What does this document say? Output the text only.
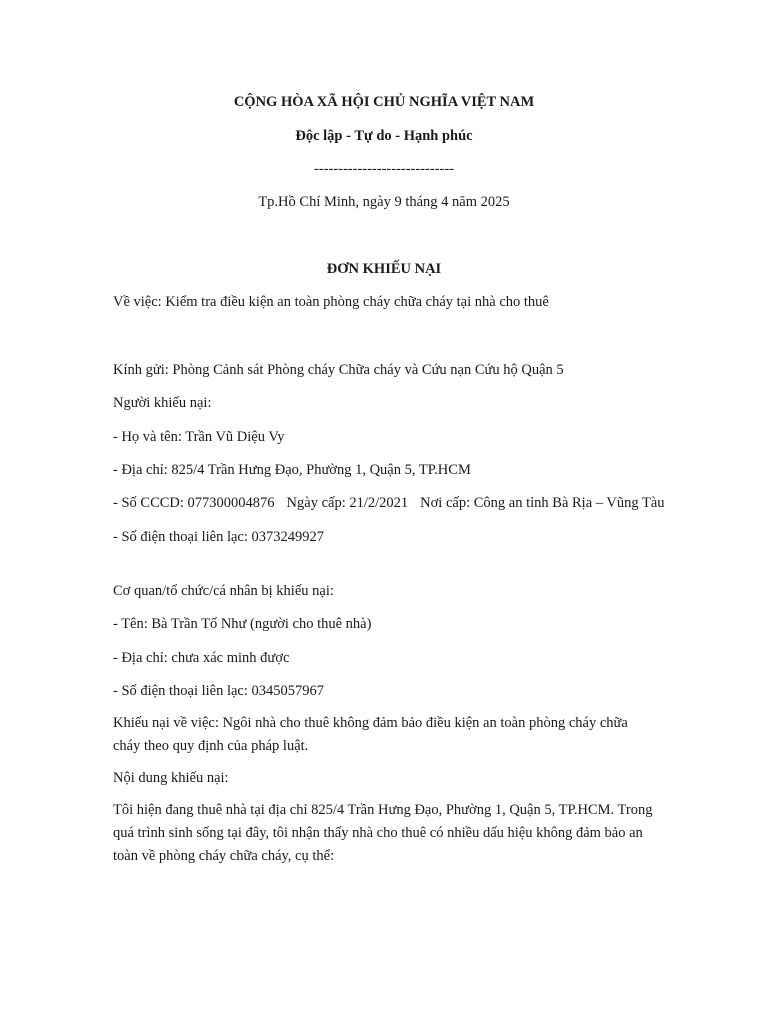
CỘNG HÒA XÃ HỘI CHỦ NGHĨA VIỆT NAM
Độc lập - Tự do - Hạnh phúc
-----------------------------
Tp.Hồ Chí Minh, ngày 9 tháng 4 năm 2025
ĐƠN KHIẾU NẠI
Về việc: Kiểm tra điều kiện an toàn phòng cháy chữa cháy tại nhà cho thuê
Kính gửi: Phòng Cảnh sát Phòng cháy Chữa cháy và Cứu nạn Cứu hộ Quận 5
Người khiếu nại:
- Họ và tên: Trần Vũ Diệu Vy
- Địa chỉ: 825/4 Trần Hưng Đạo, Phường 1, Quận 5, TP.HCM
- Số CCCD: 077300004876 Ngày cấp: 21/2/2021 Nơi cấp: Công an tỉnh Bà Rịa – Vũng Tàu
- Số điện thoại liên lạc: 0373249927
Cơ quan/tổ chức/cá nhân bị khiếu nại:
- Tên: Bà Trần Tố Như (người cho thuê nhà)
- Địa chỉ: chưa xác minh được
- Số điện thoại liên lạc: 0345057967
Khiếu nại về việc: Ngôi nhà cho thuê không đảm bảo điều kiện an toàn phòng cháy chữa cháy theo quy định của pháp luật.
Nội dung khiếu nại:
Tôi hiện đang thuê nhà tại địa chỉ 825/4 Trần Hưng Đạo, Phường 1, Quận 5, TP.HCM. Trong quá trình sinh sống tại đây, tôi nhận thấy nhà cho thuê có nhiều dấu hiệu không đảm bảo an toàn về phòng cháy chữa cháy, cụ thể:
